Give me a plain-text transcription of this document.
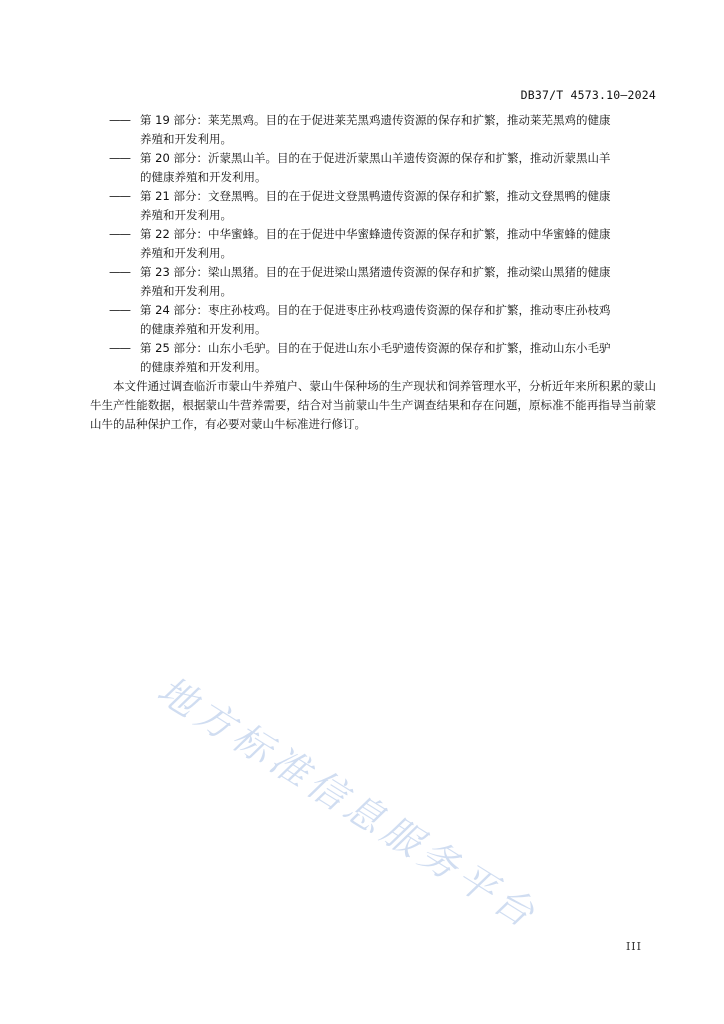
DB37/T 4573.10—2024
—— 第 19 部分：莱芜黑鸡。目的在于促进莱芜黑鸡遗传资源的保存和扩繁，推动莱芜黑鸡的健康
养殖和开发利用。
—— 第 20 部分：沂蒙黑山羊。目的在于促进沂蒙黑山羊遗传资源的保存和扩繁，推动沂蒙黑山羊
的健康养殖和开发利用。
—— 第 21 部分：文登黑鸭。目的在于促进文登黑鸭遗传资源的保存和扩繁，推动文登黑鸭的健康
养殖和开发利用。
—— 第 22 部分：中华蜜蜂。目的在于促进中华蜜蜂遗传资源的保存和扩繁，推动中华蜜蜂的健康
养殖和开发利用。
—— 第 23 部分：梁山黑猪。目的在于促进梁山黑猪遗传资源的保存和扩繁，推动梁山黑猪的健康
养殖和开发利用。
—— 第 24 部分：枣庄孙枝鸡。目的在于促进枣庄孙枝鸡遗传资源的保存和扩繁，推动枣庄孙枝鸡
的健康养殖和开发利用。
—— 第 25 部分：山东小毛驴。目的在于促进山东小毛驴遗传资源的保存和扩繁，推动山东小毛驴
的健康养殖和开发利用。

本文件通过调查临沂市蒙山牛养殖户、蒙山牛保种场的生产现状和饲养管理水平，分析近年来所积累的蒙山牛生产性能数据，根据蒙山牛营养需要，结合对当前蒙山牛生产调查结果和存在问题，原标准不能再指导当前蒙山牛的品种保护工作，有必要对蒙山牛标准进行修订。

地方标准信息服务平台
III
